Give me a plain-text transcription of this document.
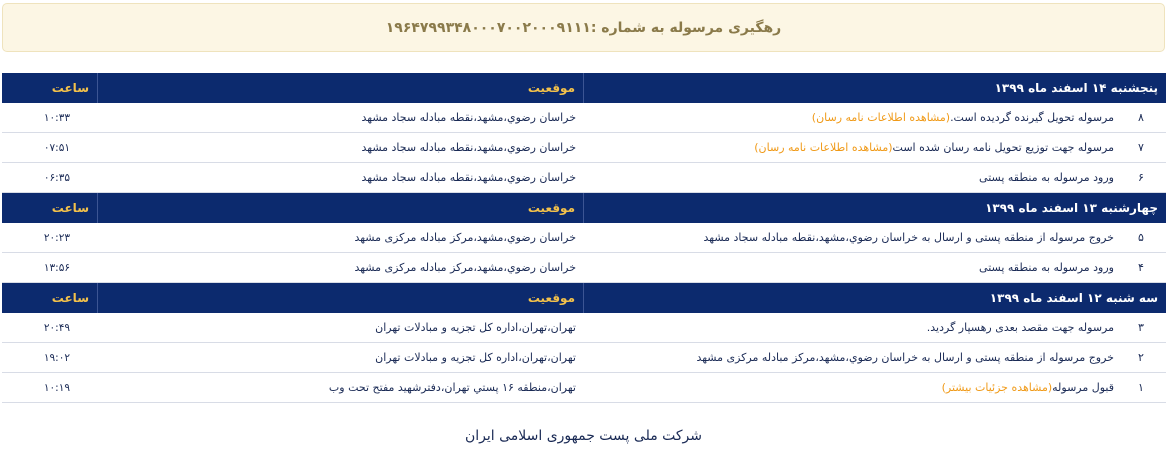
رهگیری مرسوله به شماره :۱۹۶۴۷۹۹۳۴۸۰۰۰۷۰۰۲۰۰۰۹۱۱۱
پنجشنبه ۱۴ اسفند ماه ۱۳۹۹
موقعیت
ساعت
۸
مرسوله تحویل گیرنده گردیده است.(مشاهده اطلاعات نامه رسان)
خراسان رضوي،مشهد،نقطه مبادله سجاد مشهد
۱۰:۳۳
۷
مرسوله جهت توزیع تحویل نامه رسان شده است(مشاهده اطلاعات نامه رسان)
خراسان رضوي،مشهد،نقطه مبادله سجاد مشهد
۰۷:۵۱
۶
ورود مرسوله به منطقه پستی
خراسان رضوي،مشهد،نقطه مبادله سجاد مشهد
۰۶:۳۵
چهارشنبه ۱۳ اسفند ماه ۱۳۹۹
موقعیت
ساعت
۵
خروج مرسوله از منطقه پستی و ارسال به خراسان رضوي،مشهد،نقطه مبادله سجاد مشهد
خراسان رضوي،مشهد،مرکز مبادله مرکزی مشهد
۲۰:۲۳
۴
ورود مرسوله به منطقه پستی
خراسان رضوي،مشهد،مرکز مبادله مرکزی مشهد
۱۳:۵۶
سه شنبه ۱۲ اسفند ماه ۱۳۹۹
موقعیت
ساعت
۳
مرسوله جهت مقصد بعدی رهسپار گردید.
تهران،تهران،اداره کل تجزیه و مبادلات تهران
۲۰:۴۹
۲
خروج مرسوله از منطقه پستی و ارسال به خراسان رضوي،مشهد،مرکز مبادله مرکزی مشهد
تهران،تهران،اداره کل تجزیه و مبادلات تهران
۱۹:۰۲
۱
قبول مرسوله(مشاهده جزئیات بیشتر)
تهران،منطقه ۱۶ پستي تهران،دفترشهید مفتح تحت وب
۱۰:۱۹
شرکت ملی پست جمهوری اسلامی ایران
